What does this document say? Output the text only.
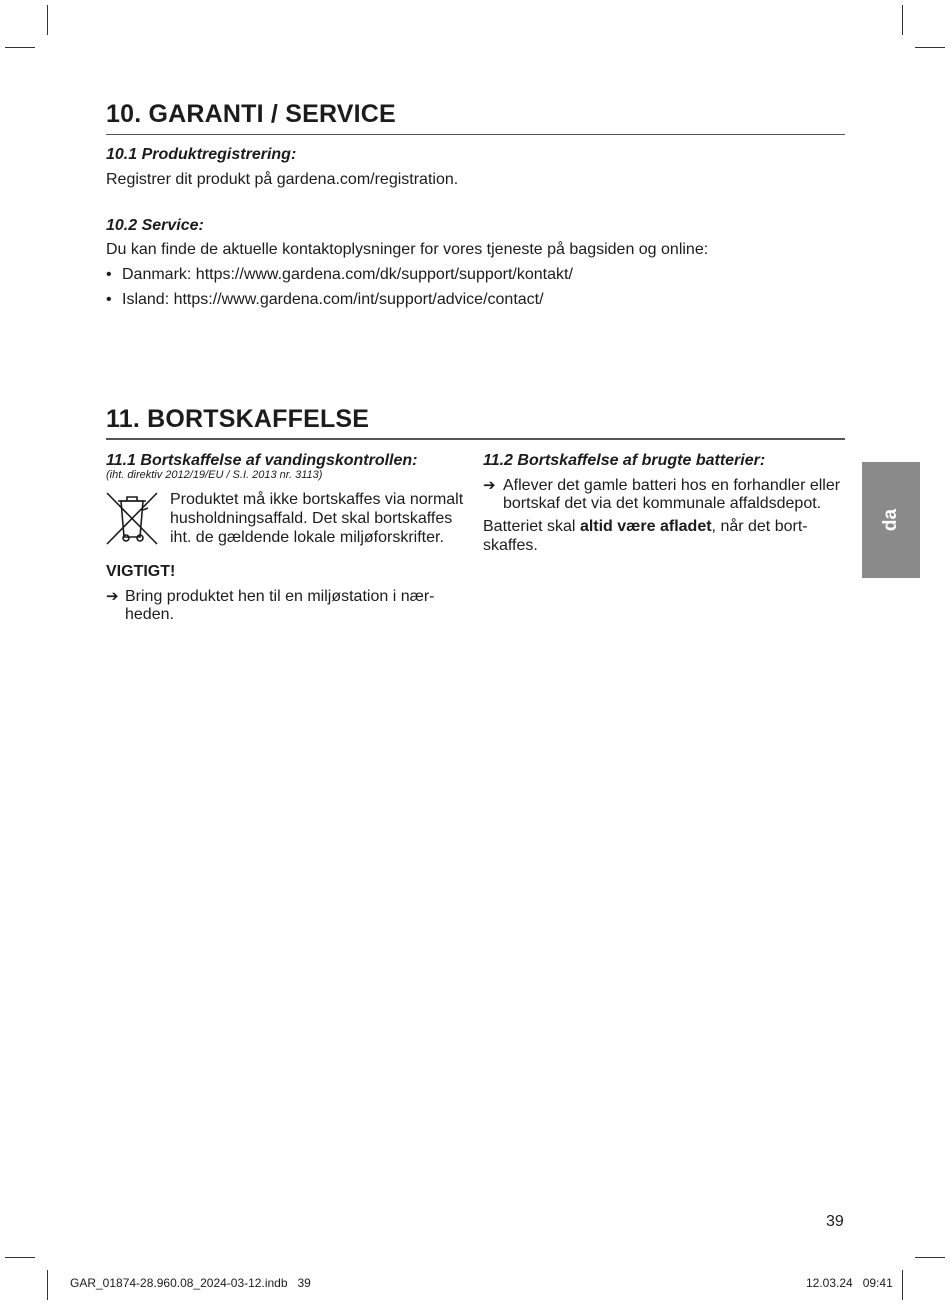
10. GARANTI / SERVICE
10.1 Produktregistrering:
Registrer dit produkt på gardena.com/registration.
10.2 Service:
Du kan finde de aktuelle kontaktoplysninger for vores tjeneste på bagsiden og online:
• Danmark: https://www.gardena.com/dk/support/support/kontakt/
• Island: https://www.gardena.com/int/support/advice/contact/
11. BORTSKAFFELSE
11.1 Bortskaffelse af vandingskontrollen:
(iht. direktiv 2012/19/EU / S.I. 2013 nr. 3113)
Produktet må ikke bortskaffes via normalt
husholdningsaffald. Det skal bortskaffes
iht. de gældende lokale miljøforskrifter.
VIGTIGT!
➔ Bring produktet hen til en miljøstation i nær-
heden.
11.2 Bortskaffelse af brugte batterier:
➔ Aflever det gamle batteri hos en forhandler eller
bortskaf det via det kommunale affaldsdepot.
Batteriet skal altid være afladet, når det bort-
skaffes.
da
39
GAR_01874-28.960.08_2024-03-12.indb   39	12.03.24   09:41
